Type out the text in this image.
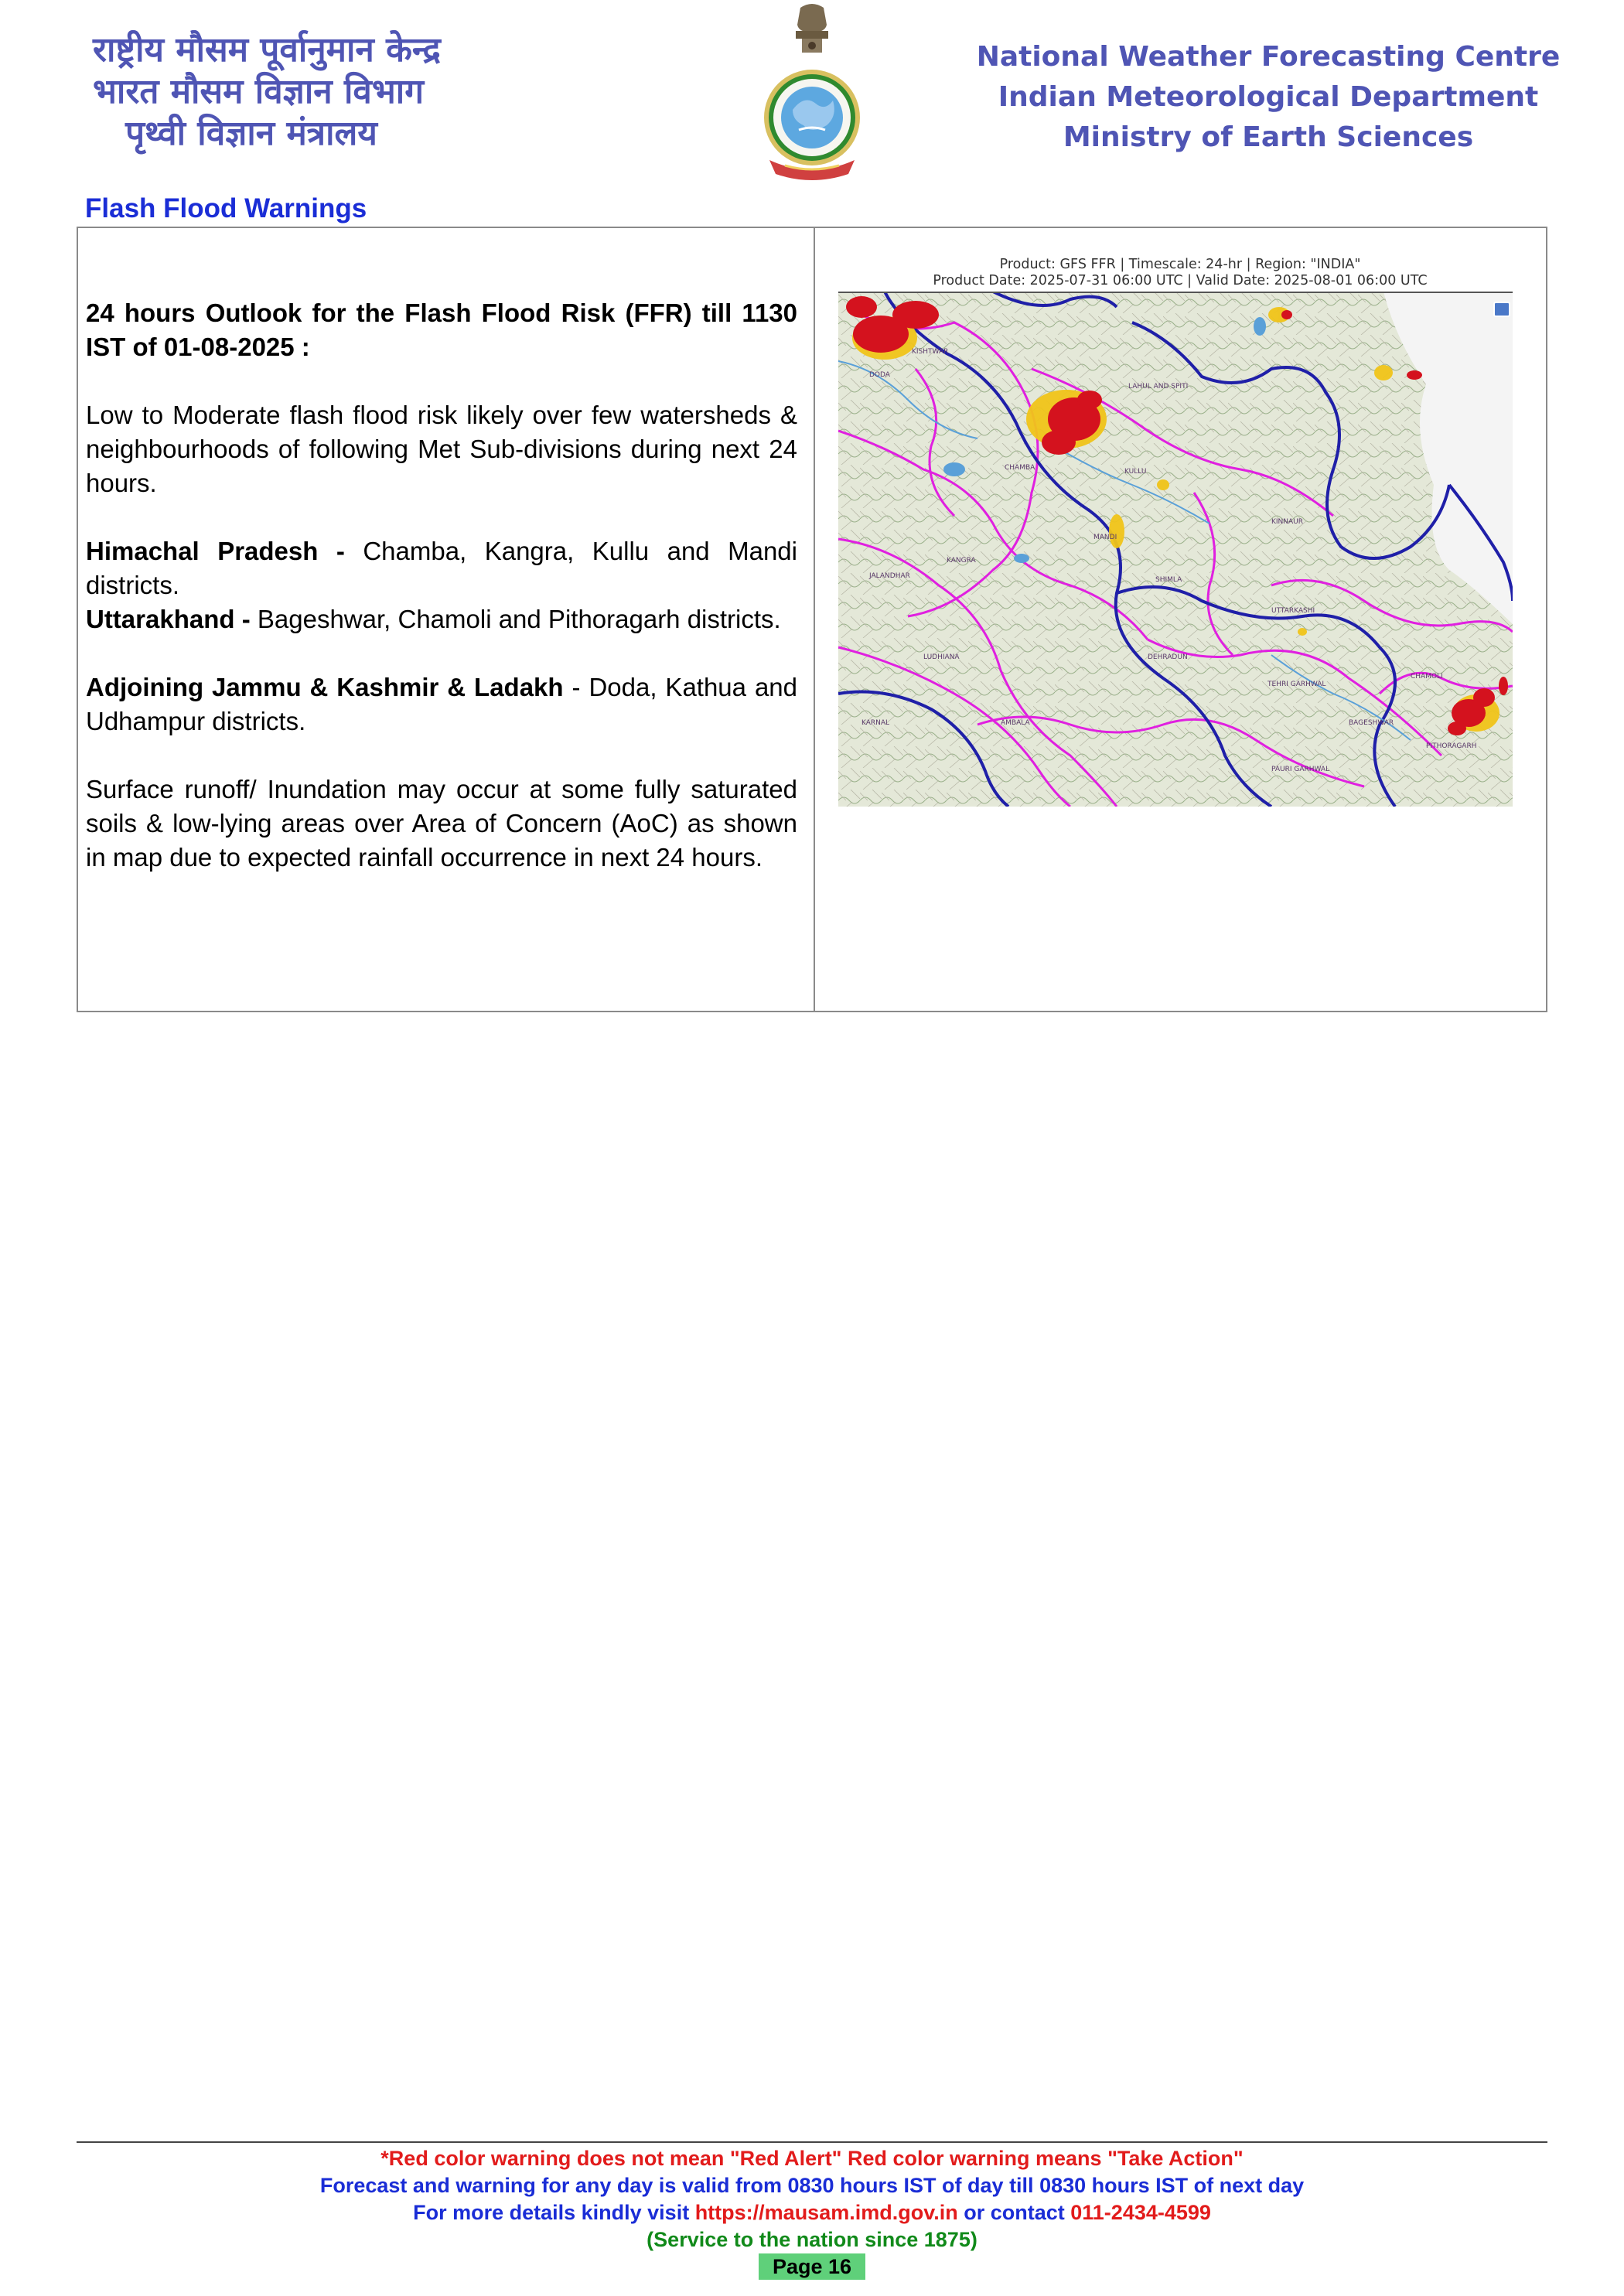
राष्ट्रीय मौसम पूर्वानुमान केन्द्र
भारत मौसम विज्ञान विभाग
पृथ्वी विज्ञान मंत्रालय
National Weather Forecasting Centre
Indian Meteorological Department
Ministry of Earth Sciences
Flash Flood Warnings

24 hours Outlook for the Flash Flood Risk (FFR) till 1130 IST of 01-08-2025 :

Low to Moderate flash flood risk likely over few watersheds & neighbourhoods of following Met Sub-divisions during next 24 hours.

Himachal Pradesh - Chamba, Kangra, Kullu and Mandi districts.

Uttarakhand - Bageshwar, Chamoli and Pithoragarh districts.

Adjoining Jammu & Kashmir & Ladakh - Doda, Kathua and Udhampur districts.

Surface runoff/ Inundation may occur at some fully saturated soils & low-lying areas over Area of Concern (AoC) as shown in map due to expected rainfall occurrence in next 24 hours.

Product: GFS FFR | Timescale: 24-hr | Region: "INDIA"
Product Date: 2025-07-31 06:00 UTC | Valid Date: 2025-08-01 06:00 UTC
KISHTWAR
DODA
LAHUL AND SPITI
CHAMBA	KULLU
KINNAUR
KANGRA
MANDI
SHIMLA
UTTARKASHI
CHAMOLI
PITHORAGARH
TEHRI GARHWAL
PAURI GARHWAL
DEHRADUN
JALANDHAR
LUDHIANA
AMBALA
KARNAL	BAGESHWAR
*Red color warning does not mean "Red Alert" Red color warning means "Take Action"
Forecast and warning for any day is valid from 0830 hours IST of day till 0830 hours IST of next day
For more details kindly visit https://mausam.imd.gov.in or contact 011-2434-4599
(Service to the nation since 1875)
Page 16
